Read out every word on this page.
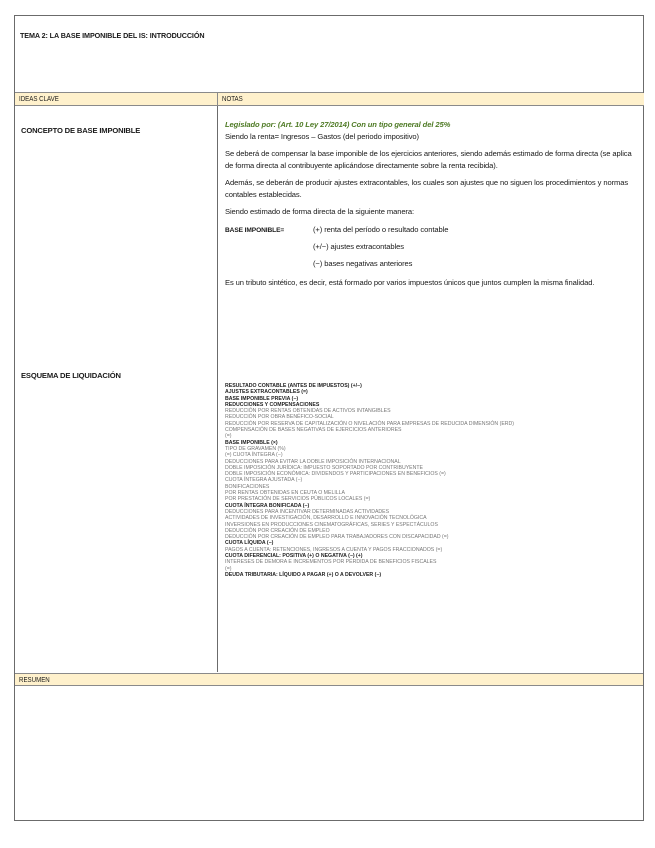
TEMA 2: LA BASE IMPONIBLE DEL IS: INTRODUCCIÓN
IDEAS CLAVE	NOTAS
CONCEPTO DE BASE IMPONIBLE
ESQUEMA DE LIQUIDACIÓN

Legislado por: (Art. 10 Ley 27/2014) Con un tipo general del 25%
Siendo la renta= Ingresos – Gastos (del periodo impositivo)

Se deberá de compensar la base imponible de los ejercicios anteriores, siendo además estimado de forma directa (se aplica de forma directa al contribuyente aplicándose directamente sobre la renta recibida).

Además, se deberán de producir ajustes extracontables, los cuales son ajustes que no siguen los procedimientos y normas contables establecidas.

Siendo estimado de forma directa de la siguiente manera:

BASE IMPONIBLE=	(+) renta del período o resultado contable
(+/−) ajustes extracontables
(−) bases negativas anteriores

Es un tributo sintético, es decir, está formado por varios impuestos únicos que juntos cumplen la misma finalidad.

RESULTADO CONTABLE (ANTES DE IMPUESTOS) (+/−)
AJUSTES EXTRACONTABLES (=)
BASE IMPONIBLE PREVIA (−)
REDUCCIONES Y COMPENSACIONES
REDUCCIÓN POR RENTAS OBTENIDAS DE ACTIVOS INTANGIBLES
REDUCCIÓN POR OBRA BENÉFICO-SOCIAL
REDUCCIÓN POR RESERVA DE CAPITALIZACIÓN O NIVELACIÓN PARA EMPRESAS DE REDUCIDA DIMENSIÓN (ERD)
COMPENSACIÓN DE BASES NEGATIVAS DE EJERCICIOS ANTERIORES
(=)
BASE IMPONIBLE (×)
TIPO DE GRAVAMEN (%)
(=) CUOTA ÍNTEGRA (−)
DEDUCCIONES PARA EVITAR LA DOBLE IMPOSICIÓN INTERNACIONAL
DOBLE IMPOSICIÓN JURÍDICA: IMPUESTO SOPORTADO POR CONTRIBUYENTE
DOBLE IMPOSICIÓN ECONÓMICA: DIVIDENDOS Y PARTICIPACIONES EN BENEFICIOS (=)
CUOTA ÍNTEGRA AJUSTADA (−)
BONIFICACIONES
POR RENTAS OBTENIDAS EN CEUTA O MELILLA
POR PRESTACIÓN DE SERVICIOS PÚBLICOS LOCALES (=)
CUOTA ÍNTEGRA BONIFICADA (−)
DEDUCCIONES PARA INCENTIVAR DETERMINADAS ACTIVIDADES
ACTIVIDADES DE INVESTIGACIÓN, DESARROLLO E INNOVACIÓN TECNOLÓGICA
INVERSIONES EN PRODUCCIONES CINEMATOGRÁFICAS, SERIES Y ESPECTÁCULOS
DEDUCCIÓN POR CREACIÓN DE EMPLEO
DEDUCCIÓN POR CREACIÓN DE EMPLEO PARA TRABAJADORES CON DISCAPACIDAD (=)
CUOTA LÍQUIDA (−)
PAGOS A CUENTA: RETENCIONES, INGRESOS A CUENTA Y PAGOS FRACCIONADOS (=)
CUOTA DIFERENCIAL: POSITIVA (+) O NEGATIVA (−) (+)
INTERESES DE DEMORA E INCREMENTOS POR PÉRDIDA DE BENEFICIOS FISCALES
(=)
DEUDA TRIBUTARIA: LÍQUIDO A PAGAR (+) O A DEVOLVER (−)
RESUMEN
